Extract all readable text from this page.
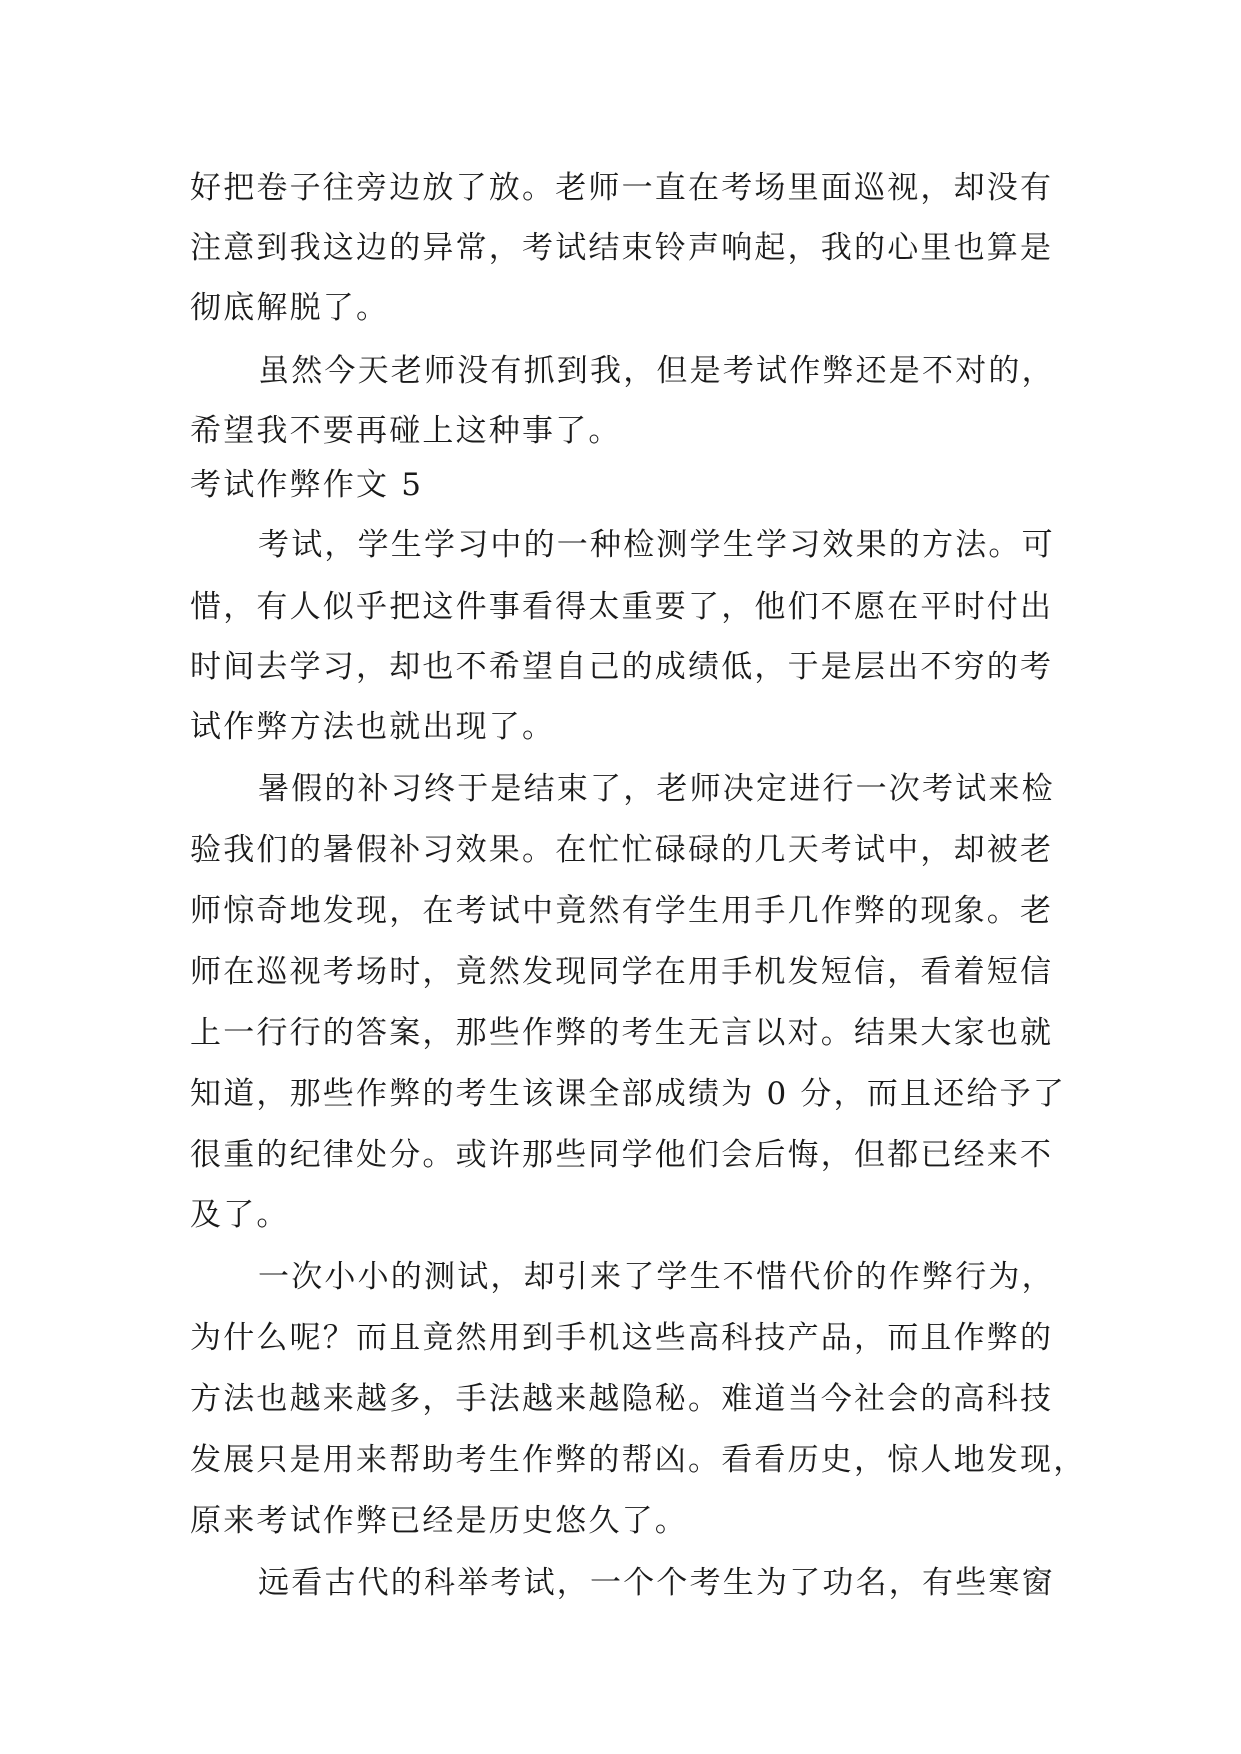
好把卷子往旁边放了放。老师一直在考场里面巡视，却没有
注意到我这边的异常，考试结束铃声响起，我的心里也算是
彻底解脱了。
虽然今天老师没有抓到我，但是考试作弊还是不对的，
希望我不要再碰上这种事了。
考试作弊作文 5
考试，学生学习中的一种检测学生学习效果的方法。可
惜，有人似乎把这件事看得太重要了，他们不愿在平时付出
时间去学习，却也不希望自己的成绩低，于是层出不穷的考
试作弊方法也就出现了。
暑假的补习终于是结束了，老师决定进行一次考试来检
验我们的暑假补习效果。在忙忙碌碌的几天考试中，却被老
师惊奇地发现，在考试中竟然有学生用手几作弊的现象。老
师在巡视考场时，竟然发现同学在用手机发短信，看着短信
上一行行的答案，那些作弊的考生无言以对。结果大家也就
知道，那些作弊的考生该课全部成绩为 0 分，而且还给予了
很重的纪律处分。或许那些同学他们会后悔，但都已经来不
及了。
一次小小的测试，却引来了学生不惜代价的作弊行为，
为什么呢？而且竟然用到手机这些高科技产品，而且作弊的
方法也越来越多，手法越来越隐秘。难道当今社会的高科技
发展只是用来帮助考生作弊的帮凶。看看历史，惊人地发现，
原来考试作弊已经是历史悠久了。
远看古代的科举考试，一个个考生为了功名，有些寒窗
